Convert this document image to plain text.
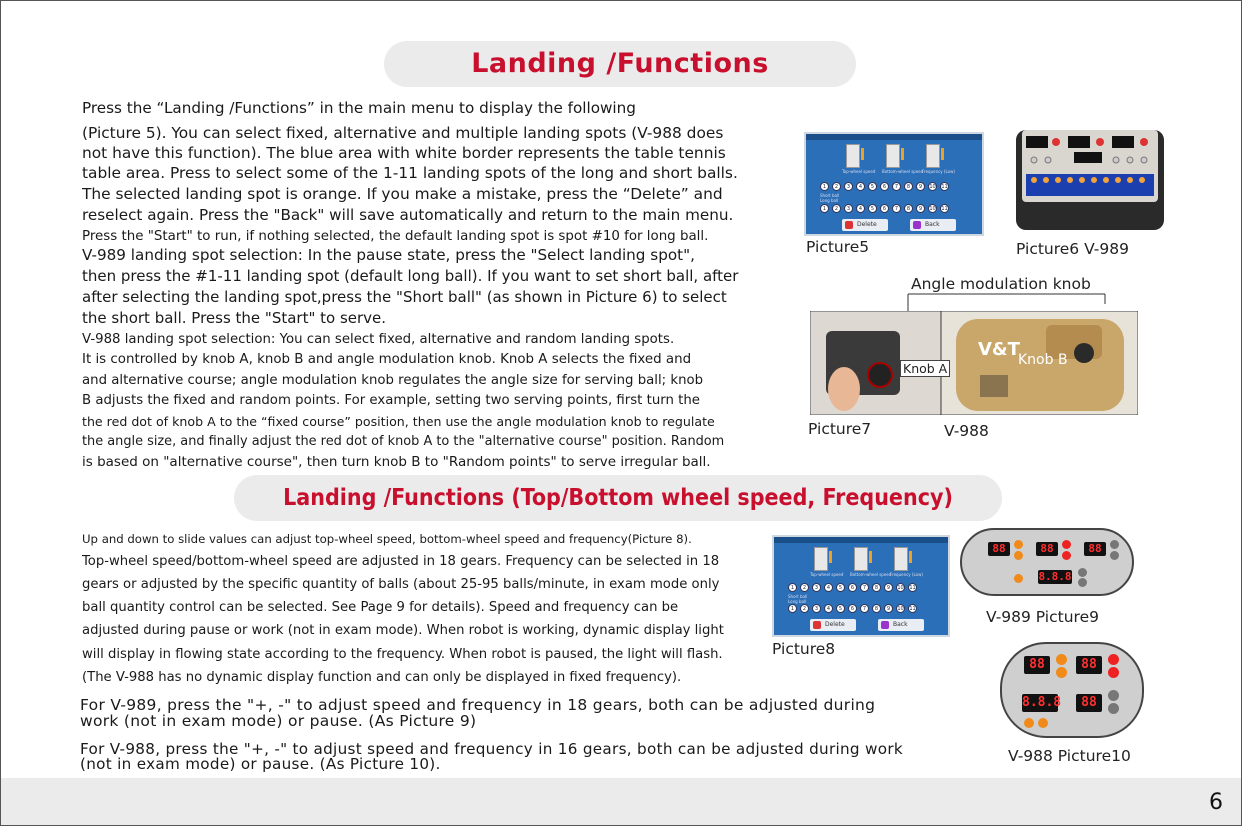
Landing /Functions

Press the “Landing /Functions” in the main menu to display the following

(Picture 5). You can select fixed, alternative and multiple landing spots (V-988 does

not have this function). The blue area with white border represents the table tennis

table area. Press to select some of the 1-11 landing spots of the long and short balls.

The selected landing spot is orange. If you make a mistake, press the “Delete” and

reselect again. Press the "Back" will save automatically and return to the main menu.

Press the "Start" to run, if nothing selected, the default landing spot is spot #10 for long ball.

V-989 landing spot selection: In the pause state, press the "Select landing spot",

then press the #1-11 landing spot (default long ball). If you want to set short ball, after

after selecting the landing spot,press the "Short ball" (as shown in Picture 6) to select

the short ball. Press the "Start" to serve.

V-988 landing spot selection: You can select fixed, alternative and random landing spots.

It is controlled by knob A, knob B and angle modulation knob. Knob A selects the fixed and

and alternative course; angle modulation knob regulates the angle size for serving ball; knob

B adjusts the fixed and random points. For example, setting two serving points, first turn the

the red dot of knob A to the “fixed course” position, then use the angle modulation knob to regulate

the angle size, and finally adjust the red dot of knob A to the "alternative course" position. Random

is based on "alternative course", then turn knob B to "Random points" to serve irregular ball.

Top-wheel speed Bottom-wheel speed
Frequency (Low)
1	2	3	4	5	6	7	8	9	10 11
Short ball
Long ball
1	2	3	4	5	6	7	8	9	10 11
Delete	Back
Picture5	Picture6 V-989
Angle modulation knob
V&T
Knob A
Knob B
Picture7	V-988
Landing /Functions (Top/Bottom wheel speed, Frequency)

Up and down to slide values can adjust top-wheel speed, bottom-wheel speed and frequency(Picture 8).

Top-wheel speed/bottom-wheel speed are adjusted in 18 gears. Frequency can be selected in 18

gears or adjusted by the specific quantity of balls (about 25-95 balls/minute, in exam mode only

ball quantity control can be selected. See Page 9 for details). Speed and frequency can be

adjusted during pause or work (not in exam mode). When robot is working, dynamic display light

will display in flowing state according to the frequency. When robot is paused, the light will flash.

(The V-988 has no dynamic display function and can only be displayed in fixed frequency).

For V-989, press the "+, -" to adjust speed and frequency in 18 gears, both can be adjusted during

work (not in exam mode) or pause. (As Picture 9)

For V-988, press the "+, -" to adjust speed and frequency in 16 gears, both can be adjusted during work

(not in exam mode) or pause. (As Picture 10).

Top-wheel speed Bottom-wheel speed
Frequency (Low)
1	2	3	4	5	6	7	8	9	10 11
Short ball
Long ball
1	2	3	4	5	6	7	8	9	10 11
Delete	Back
Picture8
88	88	88
8.8.8
V-989 Picture9
88	88
8.8.8	88
V-988 Picture10
6
